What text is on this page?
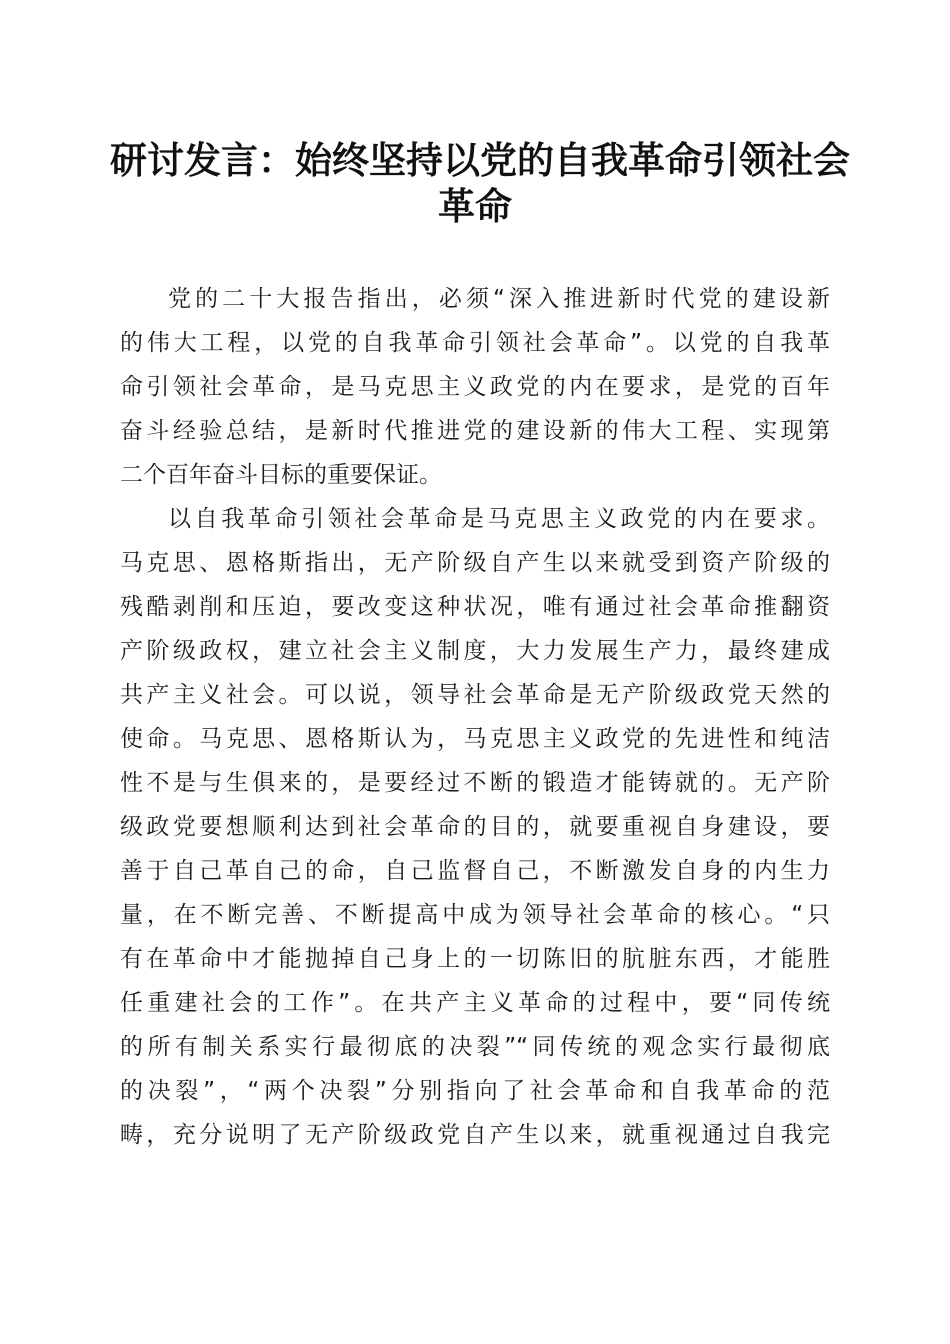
研讨发言：始终坚持以党的自我革命引领社会
革命
党的二十大报告指出，必须“深入推进新时代党的建设新
的伟大工程，以党的自我革命引领社会革命”。以党的自我革
命引领社会革命，是马克思主义政党的内在要求，是党的百年
奋斗经验总结，是新时代推进党的建设新的伟大工程、实现第
二个百年奋斗目标的重要保证。
以自我革命引领社会革命是马克思主义政党的内在要求。
马克思、恩格斯指出，无产阶级自产生以来就受到资产阶级的
残酷剥削和压迫，要改变这种状况，唯有通过社会革命推翻资
产阶级政权，建立社会主义制度，大力发展生产力，最终建成
共产主义社会。可以说，领导社会革命是无产阶级政党天然的
使命。马克思、恩格斯认为，马克思主义政党的先进性和纯洁
性不是与生俱来的，是要经过不断的锻造才能铸就的。无产阶
级政党要想顺利达到社会革命的目的，就要重视自身建设，要
善于自己革自己的命，自己监督自己，不断激发自身的内生力
量，在不断完善、不断提高中成为领导社会革命的核心。“只
有在革命中才能抛掉自己身上的一切陈旧的肮脏东西，才能胜
任重建社会的工作”。在共产主义革命的过程中，要“同传统
的所有制关系实行最彻底的决裂”“同传统的观念实行最彻底
的决裂”，“两个决裂”分别指向了社会革命和自我革命的范
畴，充分说明了无产阶级政党自产生以来，就重视通过自我完
